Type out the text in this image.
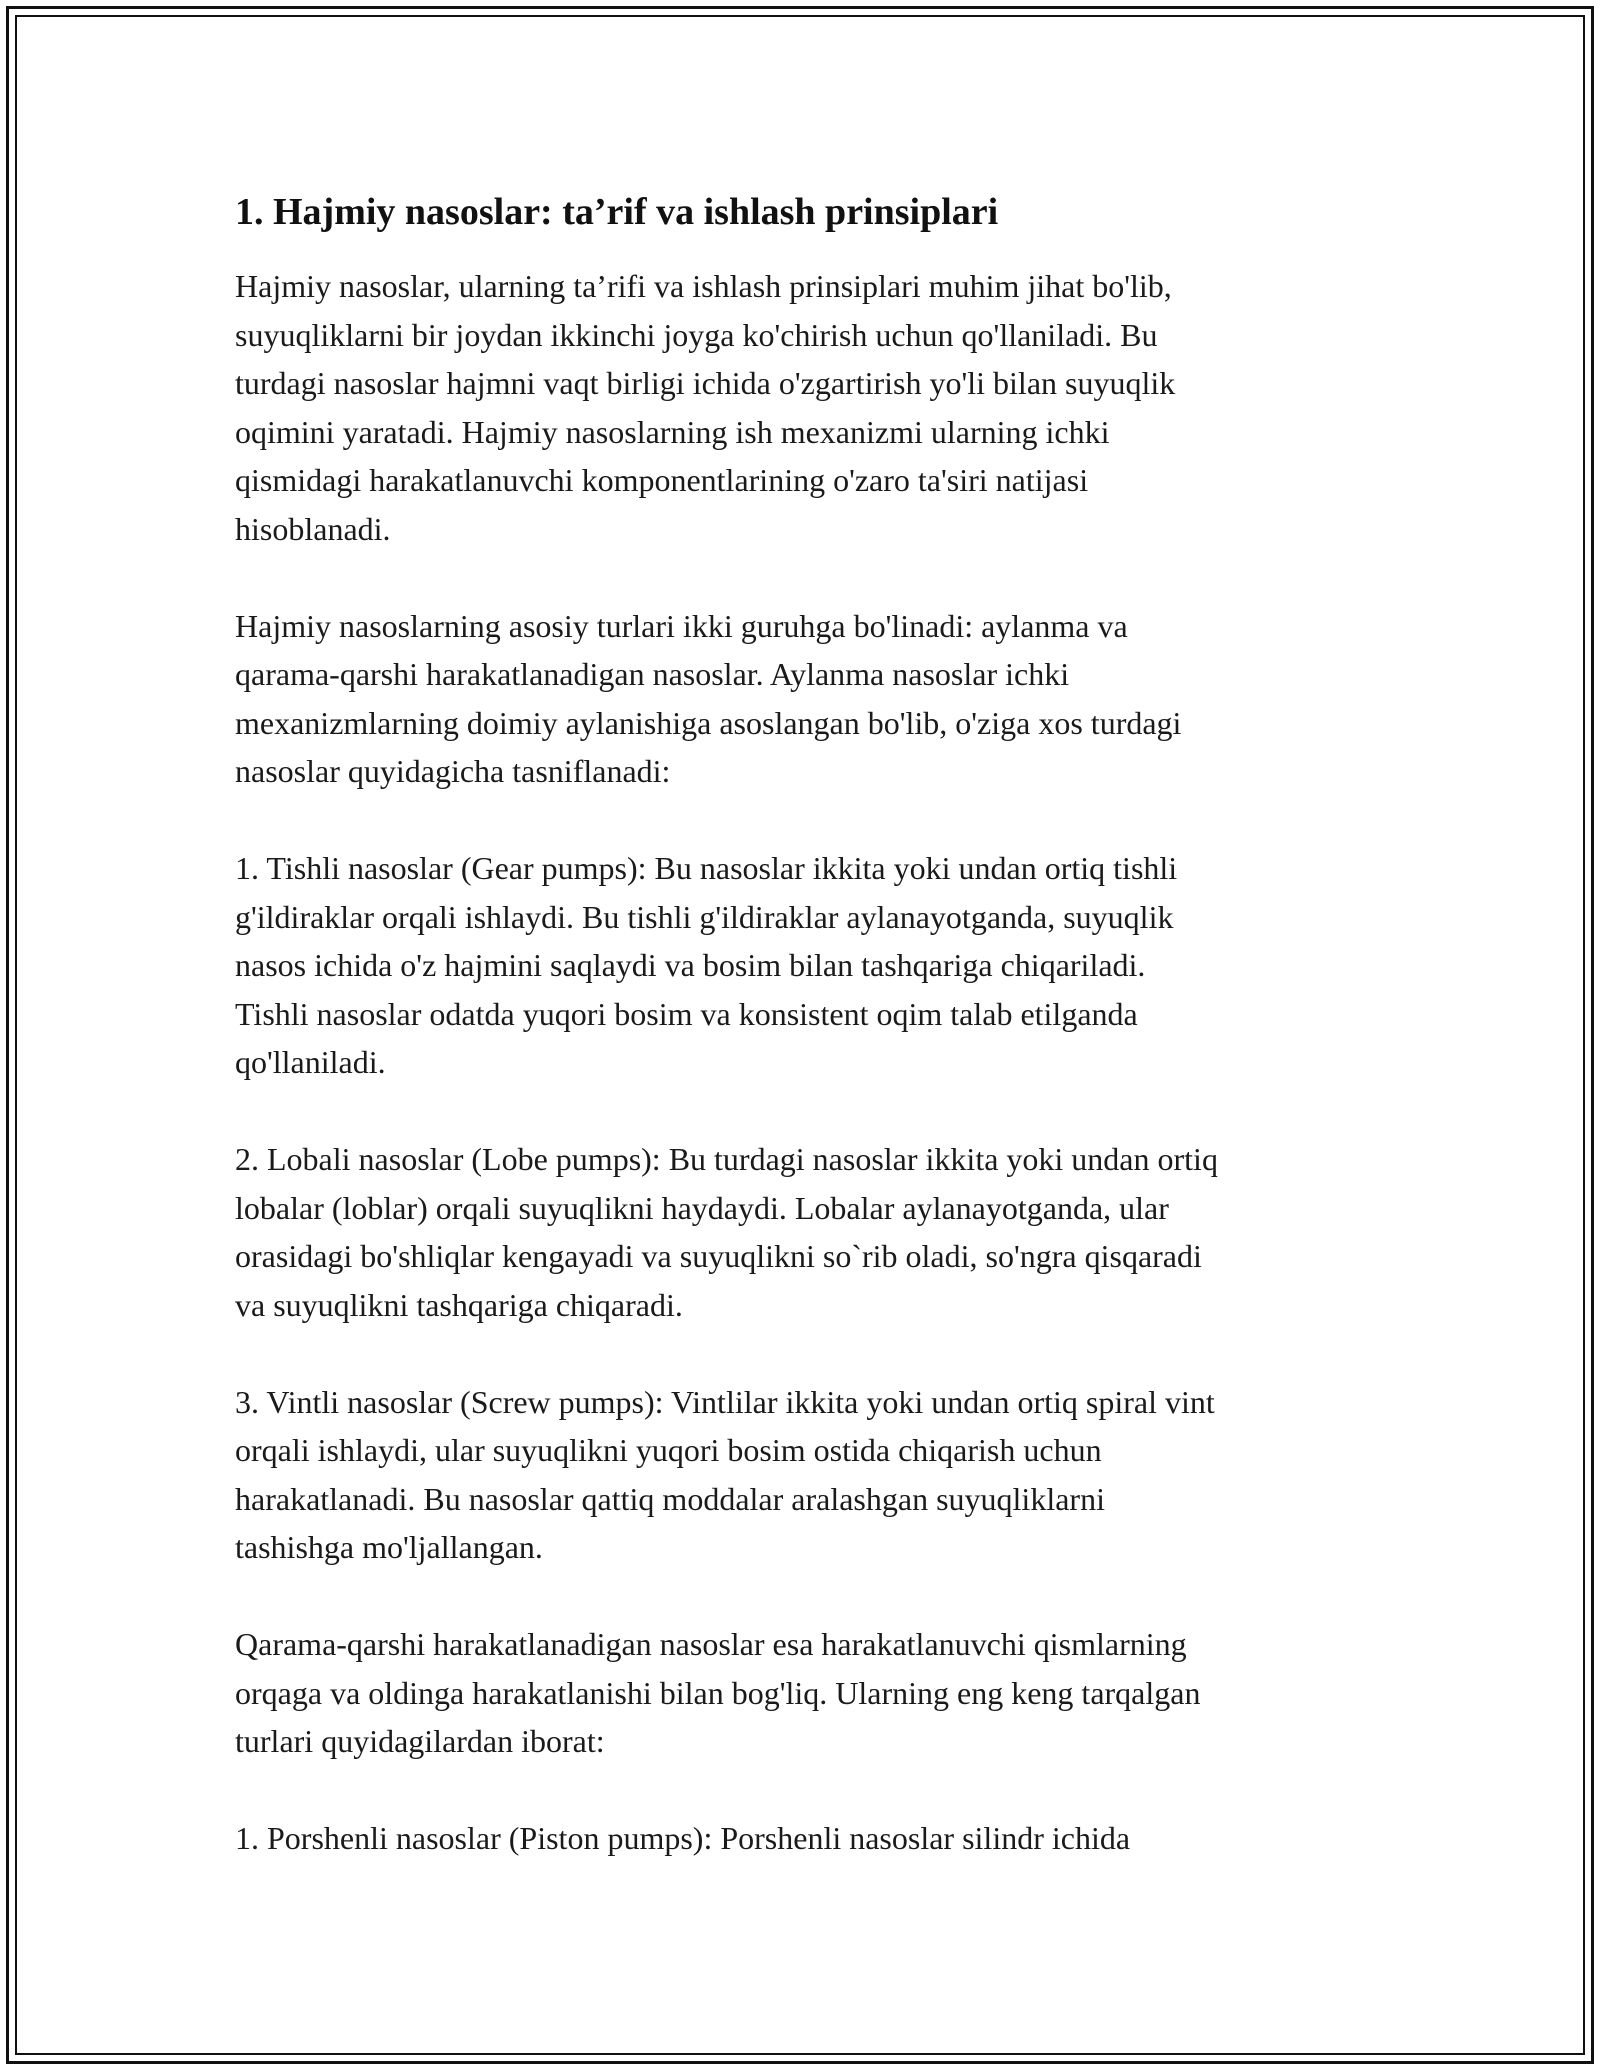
1. Hajmiy nasoslar: ta’rif va ishlash prinsiplari

Hajmiy nasoslar, ularning ta’rifi va ishlash prinsiplari muhim jihat bo'lib,
suyuqliklarni bir joydan ikkinchi joyga ko'chirish uchun qo'llaniladi. Bu
turdagi nasoslar hajmni vaqt birligi ichida o'zgartirish yo'li bilan suyuqlik
oqimini yaratadi. Hajmiy nasoslarning ish mexanizmi ularning ichki
qismidagi harakatlanuvchi komponentlarining o'zaro ta'siri natijasi
hisoblanadi.

Hajmiy nasoslarning asosiy turlari ikki guruhga bo'linadi: aylanma va
qarama-qarshi harakatlanadigan nasoslar. Aylanma nasoslar ichki
mexanizmlarning doimiy aylanishiga asoslangan bo'lib, o'ziga xos turdagi
nasoslar quyidagicha tasniflanadi:

1. Tishli nasoslar (Gear pumps): Bu nasoslar ikkita yoki undan ortiq tishli
g'ildiraklar orqali ishlaydi. Bu tishli g'ildiraklar aylanayotganda, suyuqlik
nasos ichida o'z hajmini saqlaydi va bosim bilan tashqariga chiqariladi.
Tishli nasoslar odatda yuqori bosim va konsistent oqim talab etilganda
qo'llaniladi.

2. Lobali nasoslar (Lobe pumps): Bu turdagi nasoslar ikkita yoki undan ortiq
lobalar (loblar) orqali suyuqlikni haydaydi. Lobalar aylanayotganda, ular
orasidagi bo'shliqlar kengayadi va suyuqlikni so`rib oladi, so'ngra qisqaradi
va suyuqlikni tashqariga chiqaradi.

3. Vintli nasoslar (Screw pumps): Vintlilar ikkita yoki undan ortiq spiral vint
orqali ishlaydi, ular suyuqlikni yuqori bosim ostida chiqarish uchun
harakatlanadi. Bu nasoslar qattiq moddalar aralashgan suyuqliklarni
tashishga mo'ljallangan.

Qarama-qarshi harakatlanadigan nasoslar esa harakatlanuvchi qismlarning
orqaga va oldinga harakatlanishi bilan bog'liq. Ularning eng keng tarqalgan
turlari quyidagilardan iborat:

1. Porshenli nasoslar (Piston pumps): Porshenli nasoslar silindr ichida
